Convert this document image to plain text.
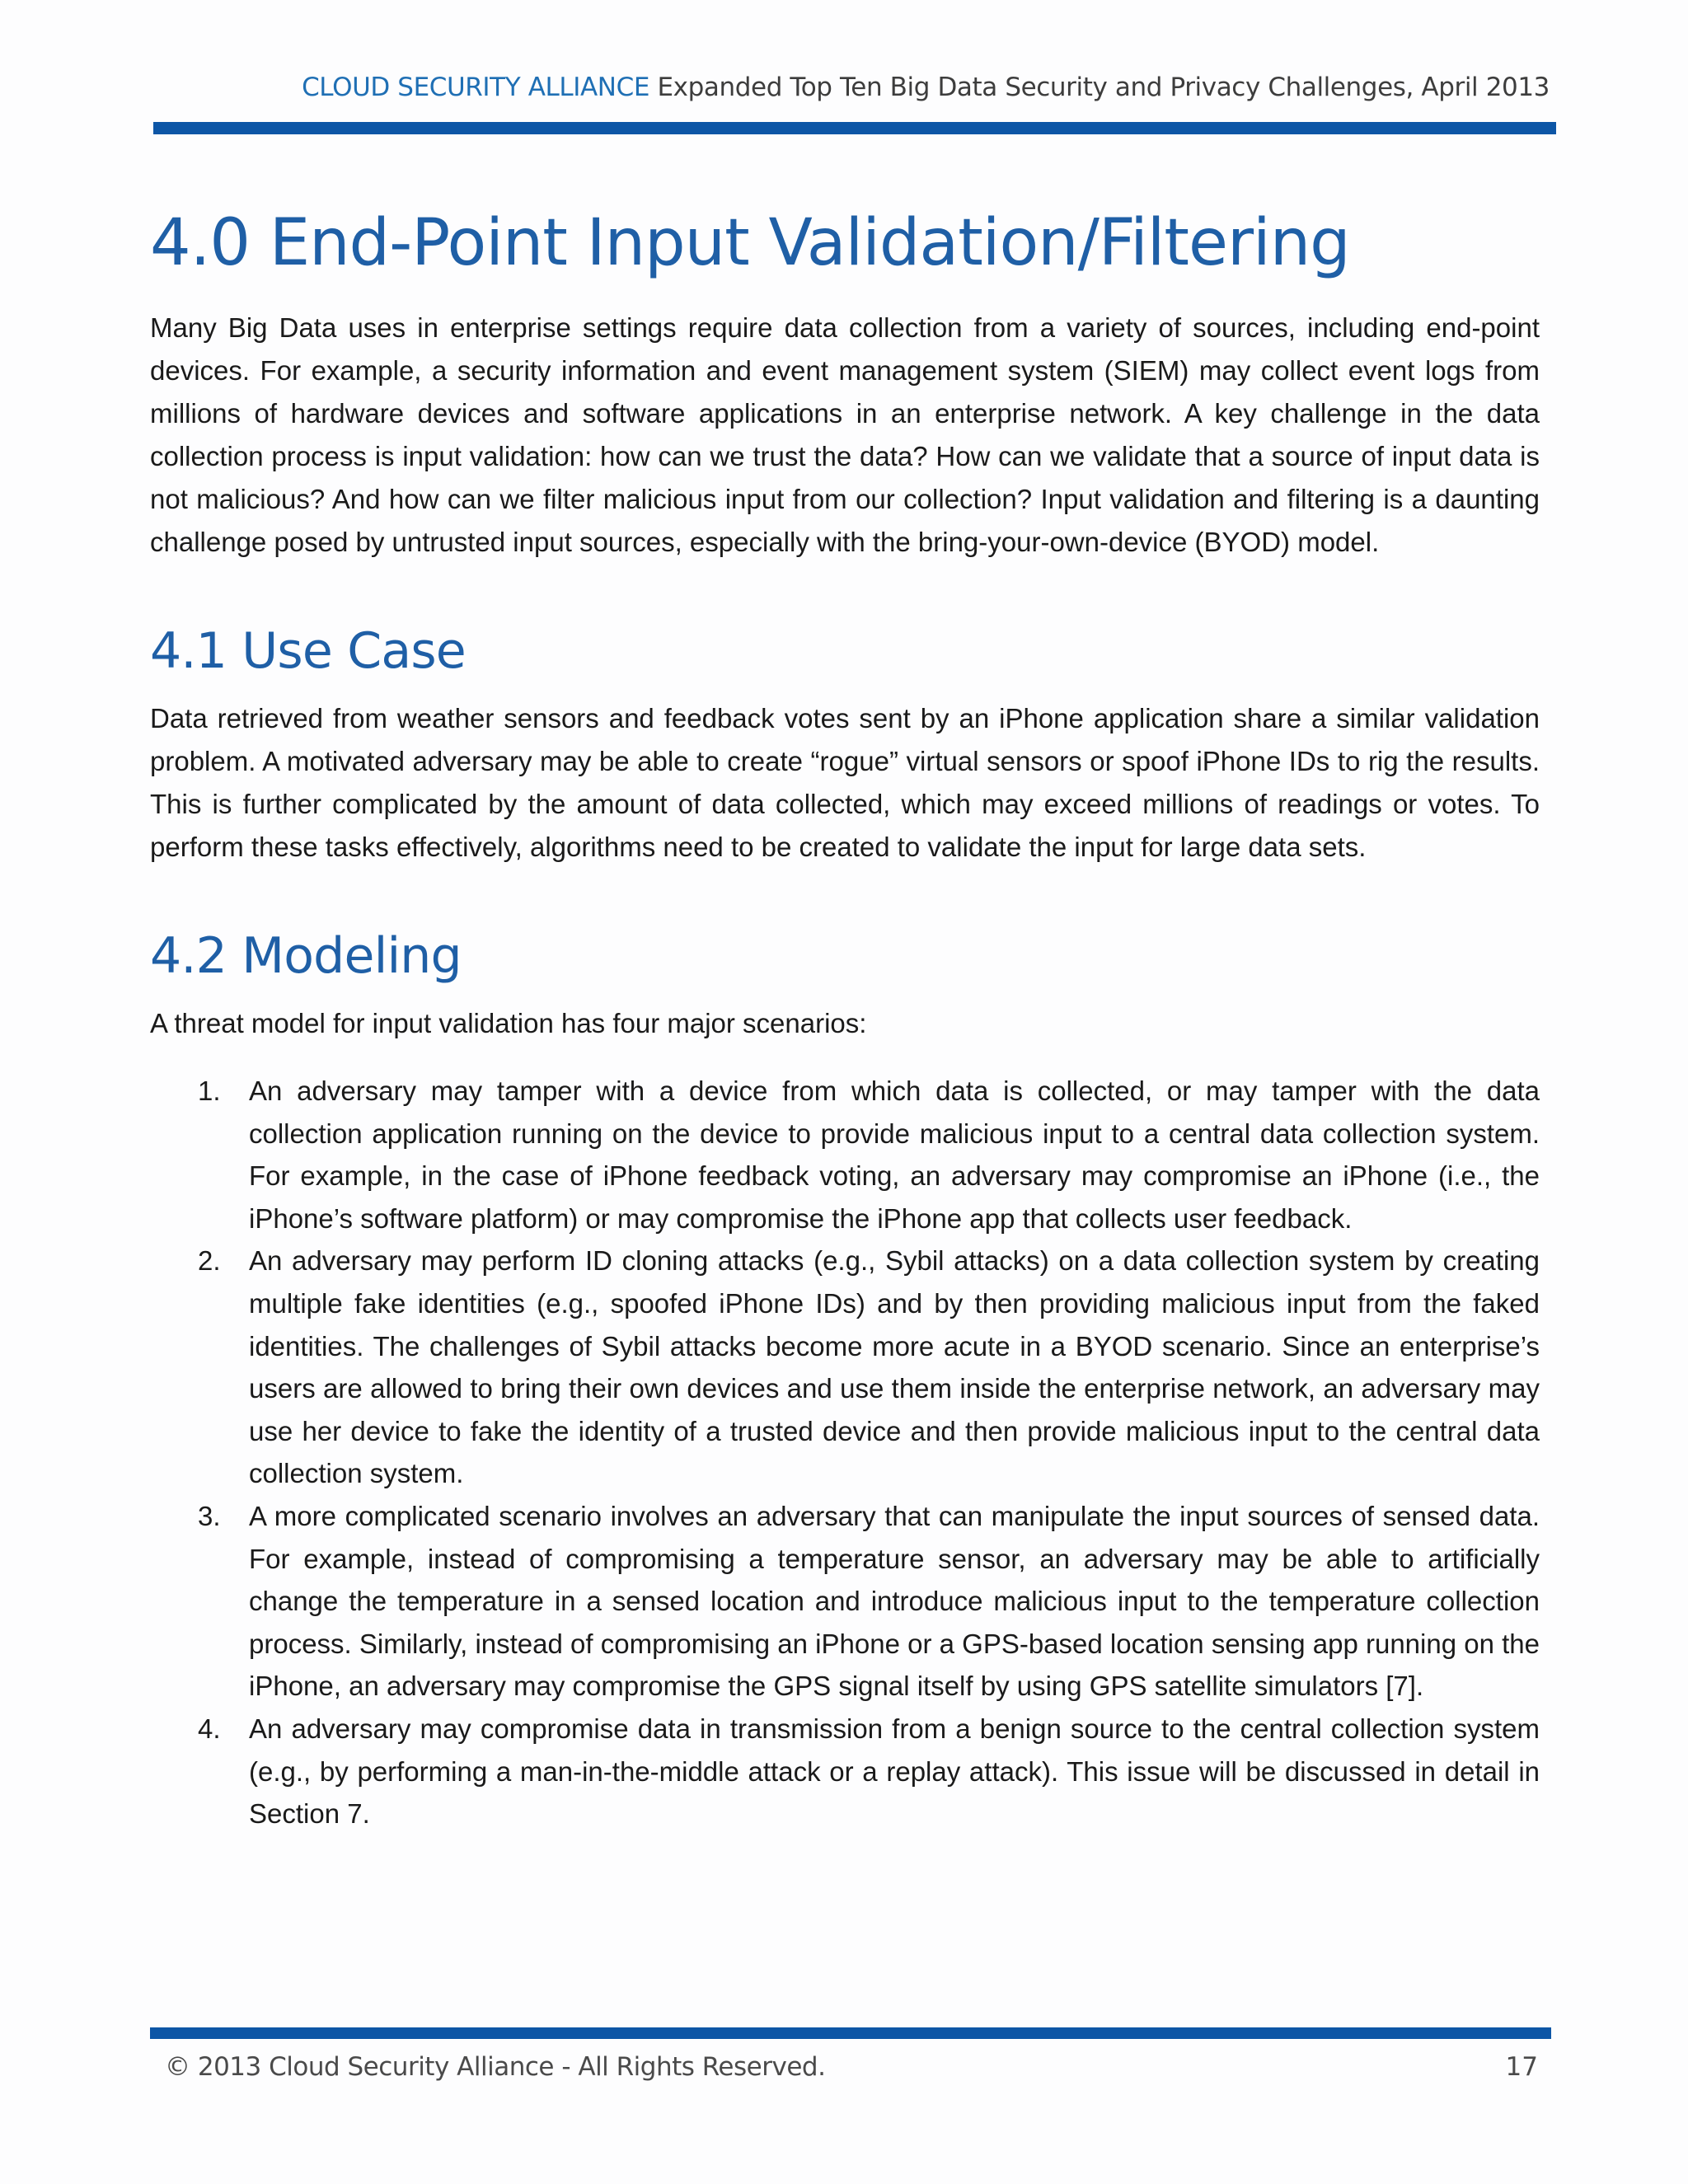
CLOUD SECURITY ALLIANCE Expanded Top Ten Big Data Security and Privacy Challenges, April 2013
4.0 End-Point Input Validation/Filtering

Many Big Data uses in enterprise settings require data collection from a variety of sources, including end-point devices. For example, a security information and event management system (SIEM) may collect event logs from millions of hardware devices and software applications in an enterprise network. A key challenge in the data collection process is input validation: how can we trust the data? How can we validate that a source of input data is not malicious? And how can we filter malicious input from our collection? Input validation and filtering is a daunting challenge posed by untrusted input sources, especially with the bring-your-own-device (BYOD) model.

4.1 Use Case

Data retrieved from weather sensors and feedback votes sent by an iPhone application share a similar validation problem. A motivated adversary may be able to create “rogue” virtual sensors or spoof iPhone IDs to rig the results. This is further complicated by the amount of data collected, which may exceed millions of readings or votes. To perform these tasks effectively, algorithms need to be created to validate the input for large data sets.

4.2 Modeling

A threat model for input validation has four major scenarios:

1. An adversary may tamper with a device from which data is collected, or may tamper with the data collection application running on the device to provide malicious input to a central data collection system. For example, in the case of iPhone feedback voting, an adversary may compromise an iPhone (i.e., the iPhone’s software platform) or may compromise the iPhone app that collects user feedback.
2. An adversary may perform ID cloning attacks (e.g., Sybil attacks) on a data collection system by creating multiple fake identities (e.g., spoofed iPhone IDs) and by then providing malicious input from the faked identities. The challenges of Sybil attacks become more acute in a BYOD scenario. Since an enterprise’s users are allowed to bring their own devices and use them inside the enterprise network, an adversary may use her device to fake the identity of a trusted device and then provide malicious input to the central data collection system.
3. A more complicated scenario involves an adversary that can manipulate the input sources of sensed data. For example, instead of compromising a temperature sensor, an adversary may be able to artificially change the temperature in a sensed location and introduce malicious input to the temperature collection process. Similarly, instead of compromising an iPhone or a GPS-based location sensing app running on the iPhone, an adversary may compromise the GPS signal itself by using GPS satellite simulators [7].
4. An adversary may compromise data in transmission from a benign source to the central collection system (e.g., by performing a man-in-the-middle attack or a replay attack). This issue will be discussed in detail in Section 7.
© 2013 Cloud Security Alliance - All Rights Reserved.	17
